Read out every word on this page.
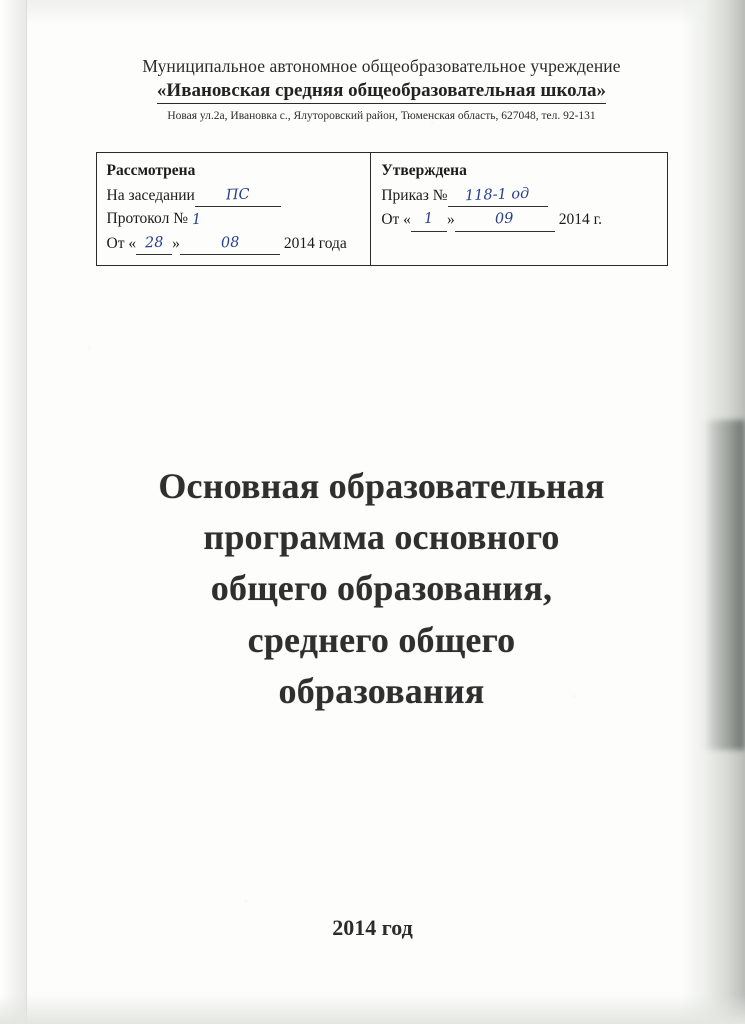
Муниципальное автономное общеобразовательное учреждение
«Ивановская средняя общеобразовательная школа»
Новая ул.2а, Ивановка с., Ялуторовский район, Тюменская область, 627048, тел. 92-131
Рассмотрена
На заседании	ПС
Протокол № 1
От « 28 »	08	2014 года
Утверждена
Приказ №	118-1 од
От « 1 »	09	2014 г.
Основная образовательная
программа основного
общего образования,
среднего общего
образования
2014 год
